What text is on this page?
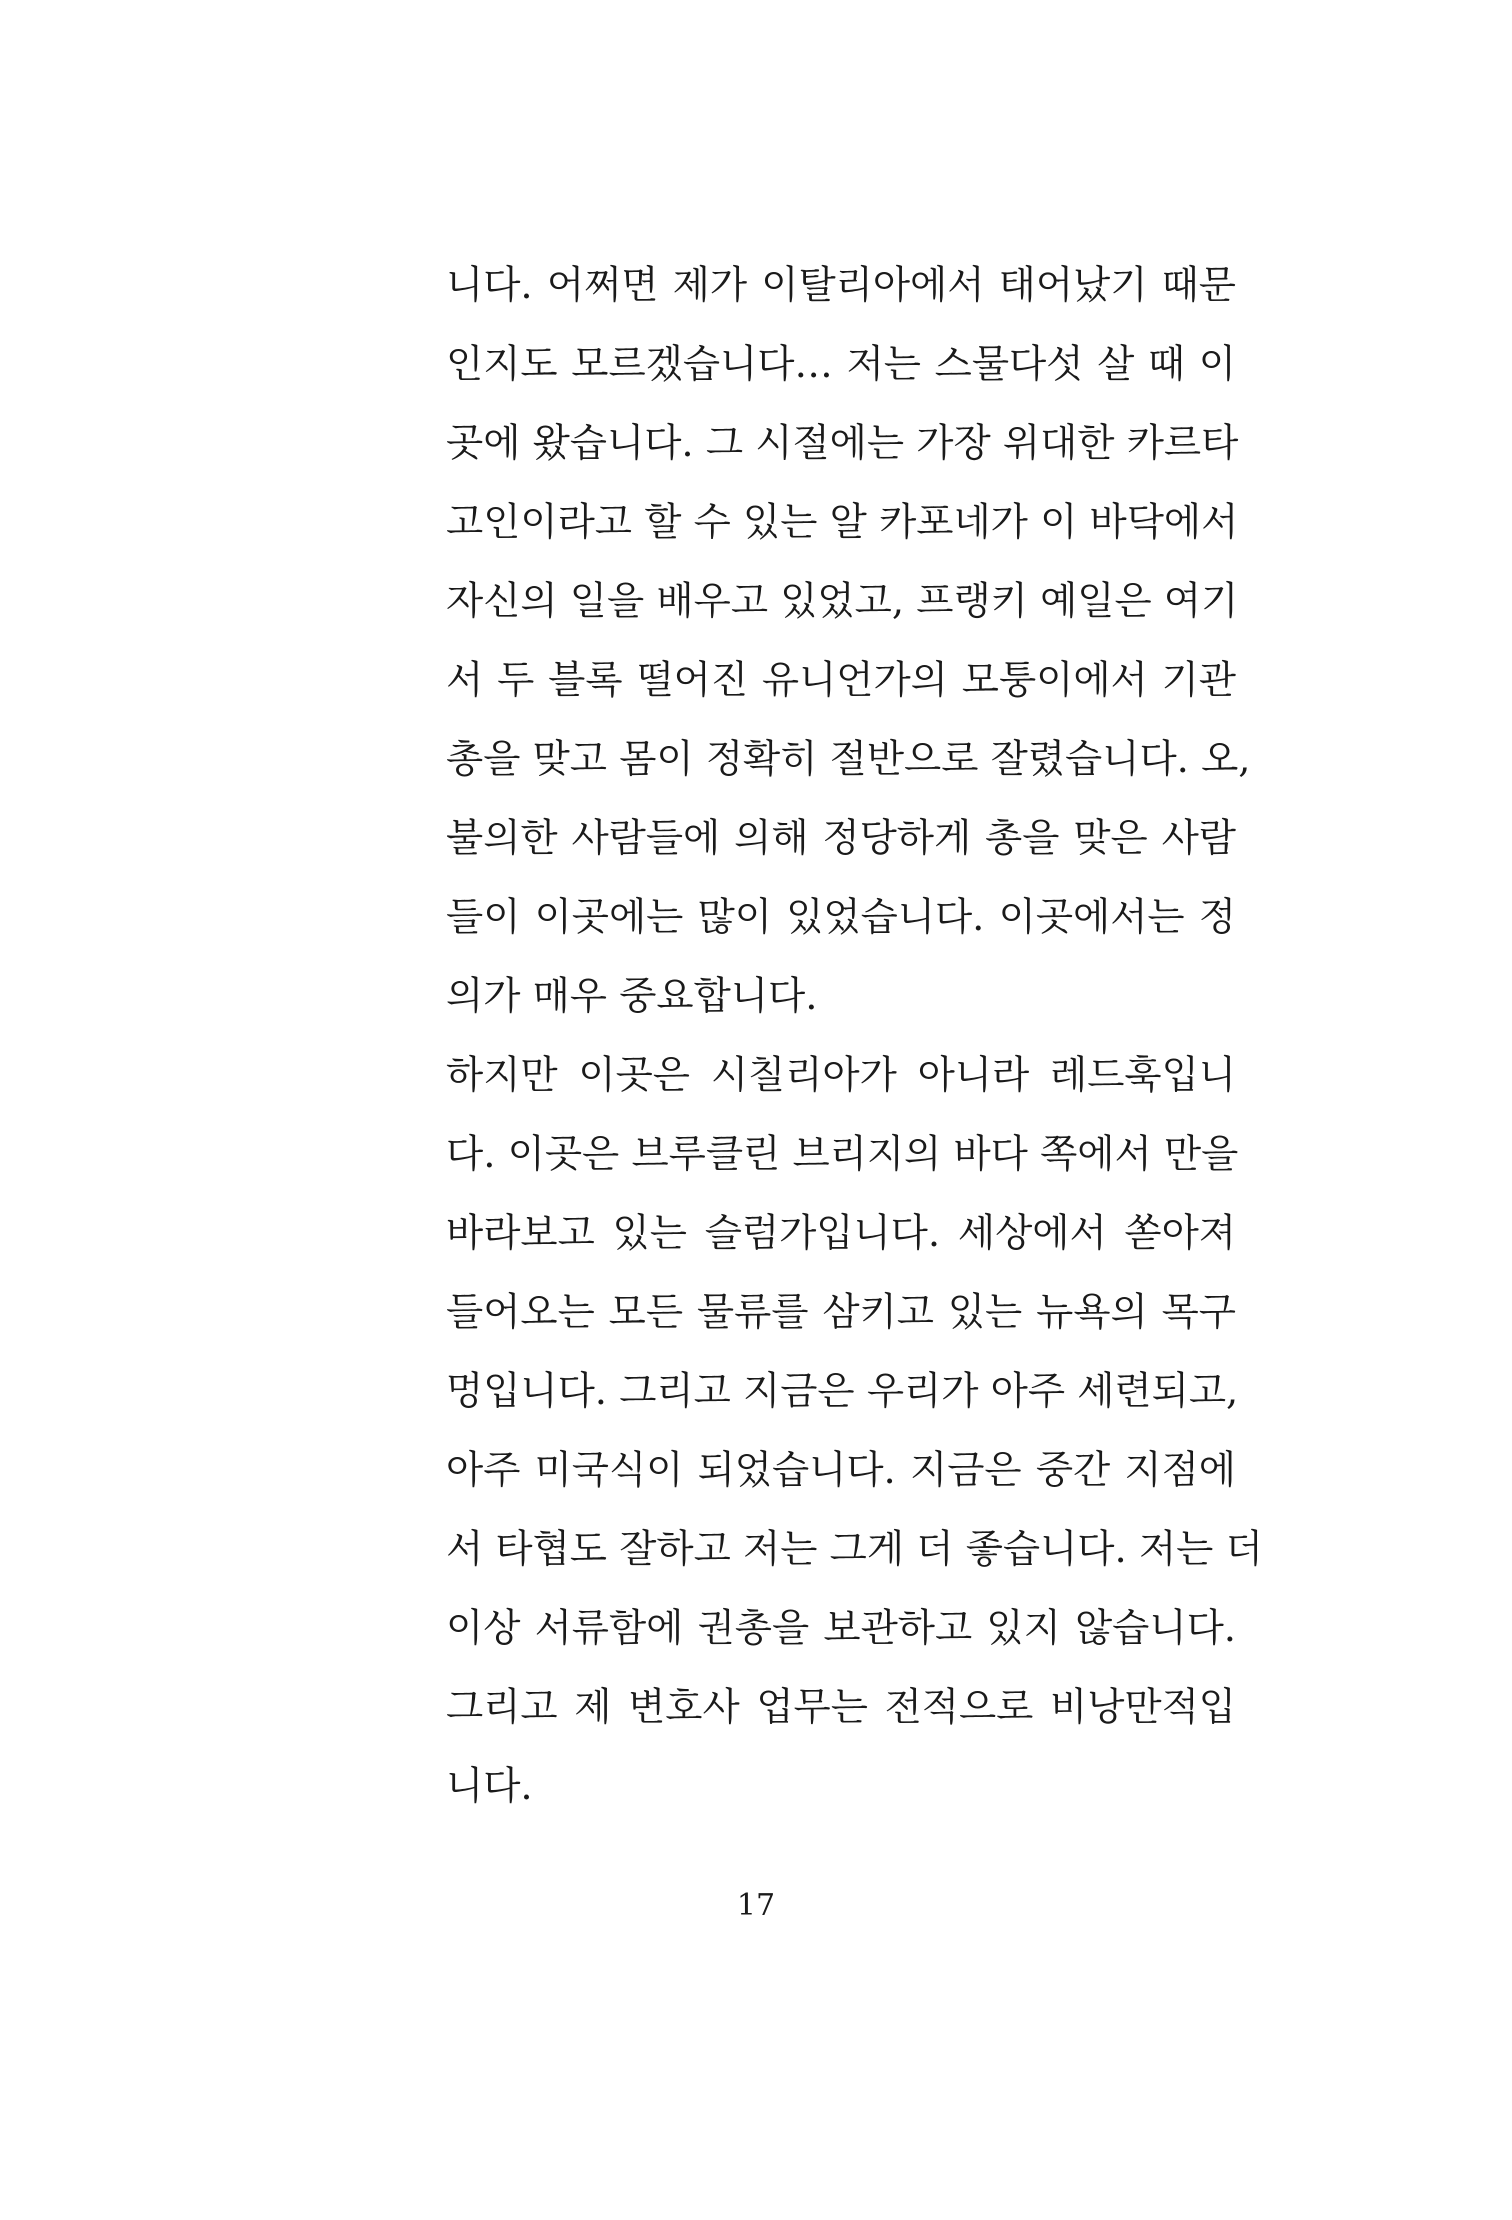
니다. 어쩌면 제가 이탈리아에서 태어났기 때문
인지도 모르겠습니다… 저는 스물다섯 살 때 이
곳에 왔습니다. 그 시절에는 가장 위대한 카르타
고인이라고 할 수 있는 알 카포네가 이 바닥에서
자신의 일을 배우고 있었고, 프랭키 예일은 여기
서 두 블록 떨어진 유니언가의 모퉁이에서 기관
총을 맞고 몸이 정확히 절반으로 잘렸습니다. 오,
불의한 사람들에 의해 정당하게 총을 맞은 사람
들이 이곳에는 많이 있었습니다. 이곳에서는 정
의가 매우 중요합니다.
하지만 이곳은 시칠리아가 아니라 레드훅입니
다. 이곳은 브루클린 브리지의 바다 쪽에서 만을
바라보고 있는 슬럼가입니다. 세상에서 쏟아져
들어오는 모든 물류를 삼키고 있는 뉴욕의 목구
멍입니다. 그리고 지금은 우리가 아주 세련되고,
아주 미국식이 되었습니다. 지금은 중간 지점에
서 타협도 잘하고 저는 그게 더 좋습니다. 저는 더
이상 서류함에 권총을 보관하고 있지 않습니다.
그리고 제 변호사 업무는 전적으로 비낭만적입
니다.
17
